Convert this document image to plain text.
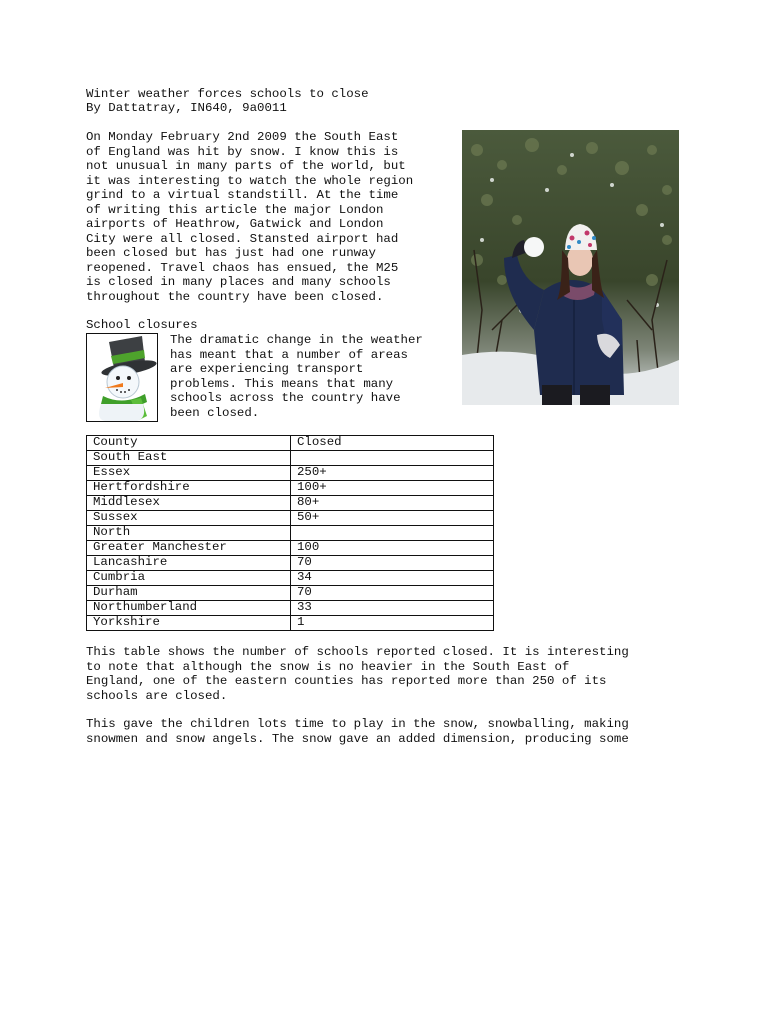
Winter weather forces schools to close
By Dattatray, IN640, 9a0011
On Monday February 2nd 2009 the South East
of England was hit by snow. I know this is
not unusual in many parts of the world, but
it was interesting to watch the whole region
grind to a virtual standstill. At the time
of writing this article the major London
airports of Heathrow, Gatwick and London
City were all closed. Stansted airport had
been closed but has just had one runway
reopened. Travel chaos has ensued, the M25
is closed in many places and many schools
throughout the country have been closed.
School closures
The dramatic change in the weather
has meant that a number of areas
are experiencing transport
problems. This means that many
schools across the country have
been closed.
County	Closed
South East	
Essex	250+
Hertfordshire	100+
Middlesex	80+
Sussex	50+
North	
Greater Manchester	100
Lancashire	70
Cumbria	34
Durham	70
Northumberland	33
Yorkshire	1
This table shows the number of schools reported closed. It is interesting
to note that although the snow is no heavier in the South East of
England, one of the eastern counties has reported more than 250 of its
schools are closed.
This gave the children lots time to play in the snow, snowballing, making
snowmen and snow angels. The snow gave an added dimension, producing some
